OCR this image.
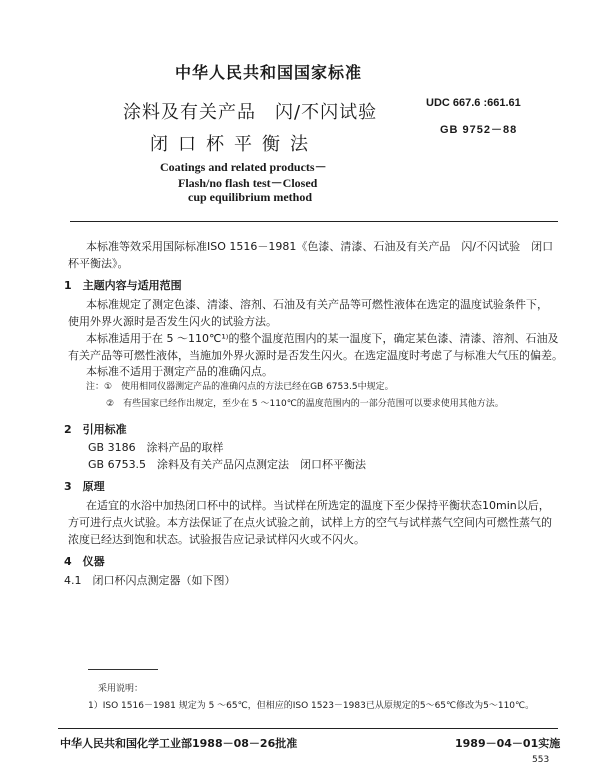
中华人民共和国国家标准
涂料及有关产品　闪/不闪试验
闭口杯平衡法
UDC 667.6 :661.61
GB 9752－88
Coatings and related products－
Flash/no flash test－Closed
cup equilibrium method
本标准等效采用国际标准ISO 1516－1981《色漆、清漆、石油及有关产品　闪/不闪试验　闭口
杯平衡法》。
1　主题内容与适用范围
本标准规定了测定色漆、清漆、溶剂、石油及有关产品等可燃性液体在选定的温度试验条件下，
使用外界火源时是否发生闪火的试验方法。
本标准适用于在 5 ～110℃¹⁾的整个温度范围内的某一温度下，确定某色漆、清漆、溶剂、石油及
有关产品等可燃性液体，当施加外界火源时是否发生闪火。在选定温度时考虑了与标准大气压的偏差。
本标准不适用于测定产品的准确闪点。
注：①　使用相同仪器测定产品的准确闪点的方法已经在GB 6753.5中规定。
②　有些国家已经作出规定，至少在 5 ～110℃的温度范围内的一部分范围可以要求使用其他方法。
2　引用标准
GB 3186　涂料产品的取样
GB 6753.5　涂料及有关产品闪点测定法　闭口杯平衡法
3　原理
在适宜的水浴中加热闭口杯中的试样。当试样在所选定的温度下至少保持平衡状态10min以后，
方可进行点火试验。本方法保证了在点火试验之前，试样上方的空气与试样蒸气空间内可燃性蒸气的
浓度已经达到饱和状态。试验报告应记录试样闪火或不闪火。
4　仪器
4.1　闭口杯闪点测定器（如下图）
采用说明：
1）ISO 1516－1981 规定为 5 ～65℃，但相应的ISO 1523－1983已从原规定的5～65℃修改为5～110℃。
中华人民共和国化学工业部1988－08－26批准	1989－04－01实施
553
